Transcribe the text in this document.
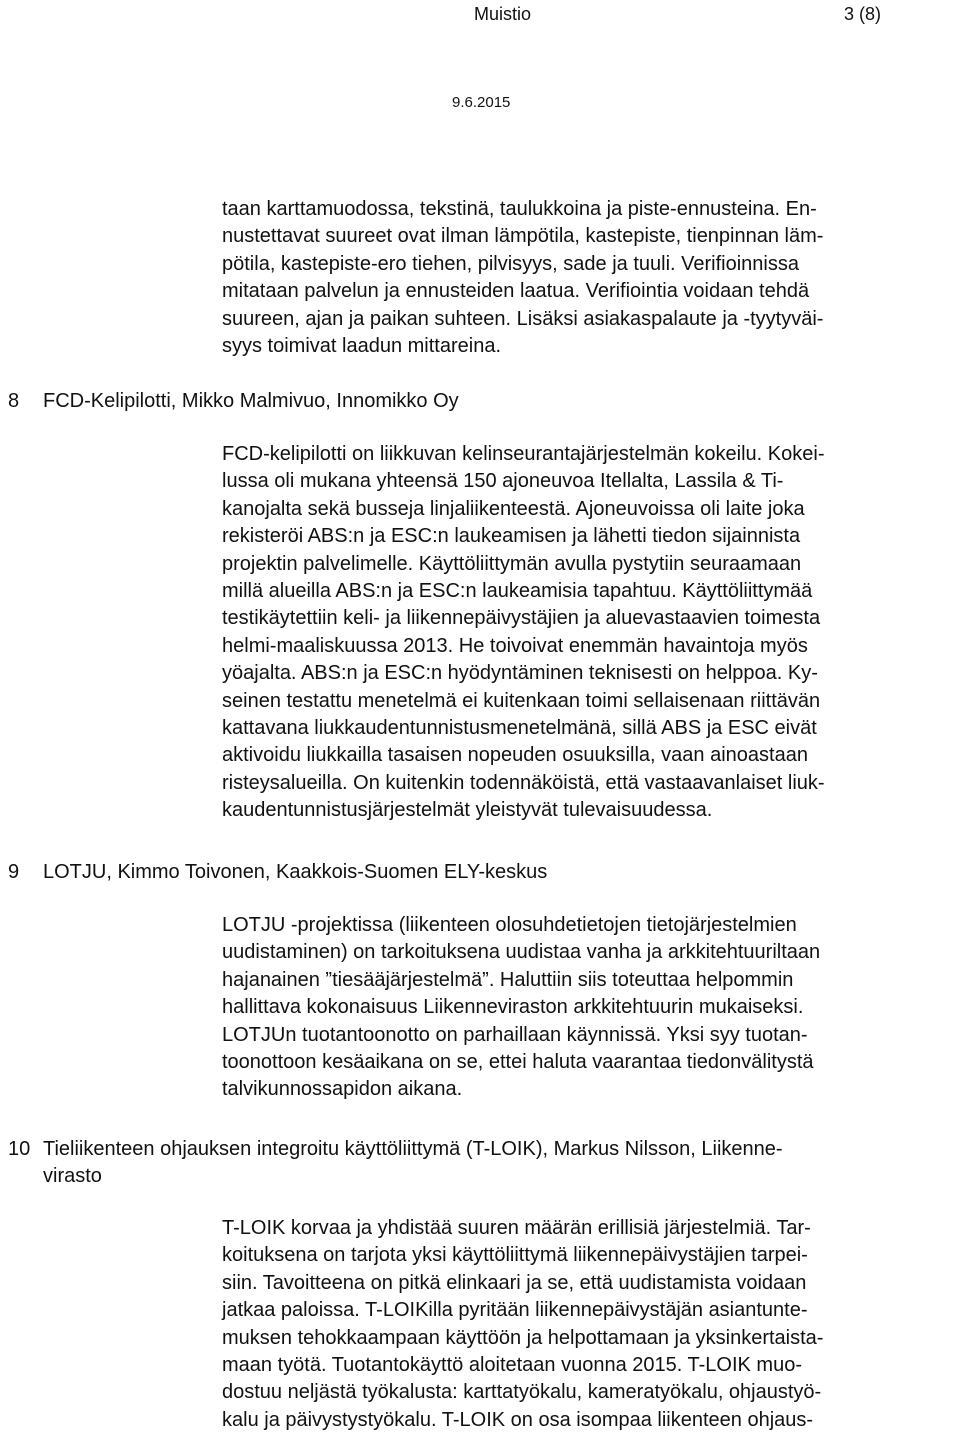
Muistio	3 (8)
9.6.2015

taan karttamuodossa, tekstinä, taulukkoina ja piste-ennusteina. En-
nustettavat suureet ovat ilman lämpötila, kastepiste, tienpinnan läm-
pötila, kastepiste-ero tiehen, pilvisyys, sade ja tuuli. Verifioinnissa
mitataan palvelun ja ennusteiden laatua. Verifiointia voidaan tehdä
suureen, ajan ja paikan suhteen. Lisäksi asiakaspalaute ja -tyytyväi-
syys toimivat laadun mittareina.

8 FCD-Kelipilotti, Mikko Malmivuo, Innomikko Oy

FCD-kelipilotti on liikkuvan kelinseurantajärjestelmän kokeilu. Kokei-
lussa oli mukana yhteensä 150 ajoneuvoa Itellalta, Lassila & Ti-
kanojalta sekä busseja linjaliikenteestä. Ajoneuvoissa oli laite joka
rekisteröi ABS:n ja ESC:n laukeamisen ja lähetti tiedon sijainnista
projektin palvelimelle. Käyttöliittymän avulla pystytiin seuraamaan
millä alueilla ABS:n ja ESC:n laukeamisia tapahtuu. Käyttöliittymää
testikäytettiin keli- ja liikennepäivystäjien ja aluevastaavien toimesta
helmi-maaliskuussa 2013. He toivoivat enemmän havaintoja myös
yöajalta. ABS:n ja ESC:n hyödyntäminen teknisesti on helppoa. Ky-
seinen testattu menetelmä ei kuitenkaan toimi sellaisenaan riittävän
kattavana liukkaudentunnistusmenetelmänä, sillä ABS ja ESC eivät
aktivoidu liukkailla tasaisen nopeuden osuuksilla, vaan ainoastaan
risteysalueilla. On kuitenkin todennäköistä, että vastaavanlaiset liuk-
kaudentunnistusjärjestelmät yleistyvät tulevaisuudessa.

9 LOTJU, Kimmo Toivonen, Kaakkois-Suomen ELY-keskus

LOTJU -projektissa (liikenteen olosuhdetietojen tietojärjestelmien
uudistaminen) on tarkoituksena uudistaa vanha ja arkkitehtuuriltaan
hajanainen ”tiesääjärjestelmä”. Haluttiin siis toteuttaa helpommin
hallittava kokonaisuus Liikenneviraston arkkitehtuurin mukaiseksi.
LOTJUn tuotantoonotto on parhaillaan käynnissä. Yksi syy tuotan-
toonottoon kesäaikana on se, ettei haluta vaarantaa tiedonvälitystä
talvikunnossapidon aikana.

10 Tieliikenteen ohjauksen integroitu käyttöliittymä (T-LOIK), Markus Nilsson, Liikenne-
virasto

T-LOIK korvaa ja yhdistää suuren määrän erillisiä järjestelmiä. Tar-
koituksena on tarjota yksi käyttöliittymä liikennepäivystäjien tarpei-
siin. Tavoitteena on pitkä elinkaari ja se, että uudistamista voidaan
jatkaa paloissa. T-LOIKilla pyritään liikennepäivystäjän asiantunte-
muksen tehokkaampaan käyttöön ja helpottamaan ja yksinkertaista-
maan työtä. Tuotantokäyttö aloitetaan vuonna 2015. T-LOIK muo-
dostuu neljästä työkalusta: karttatyökalu, kameratyökalu, ohjaustyö-
kalu ja päivystystyökalu. T-LOIK on osa isompaa liikenteen ohjaus-
